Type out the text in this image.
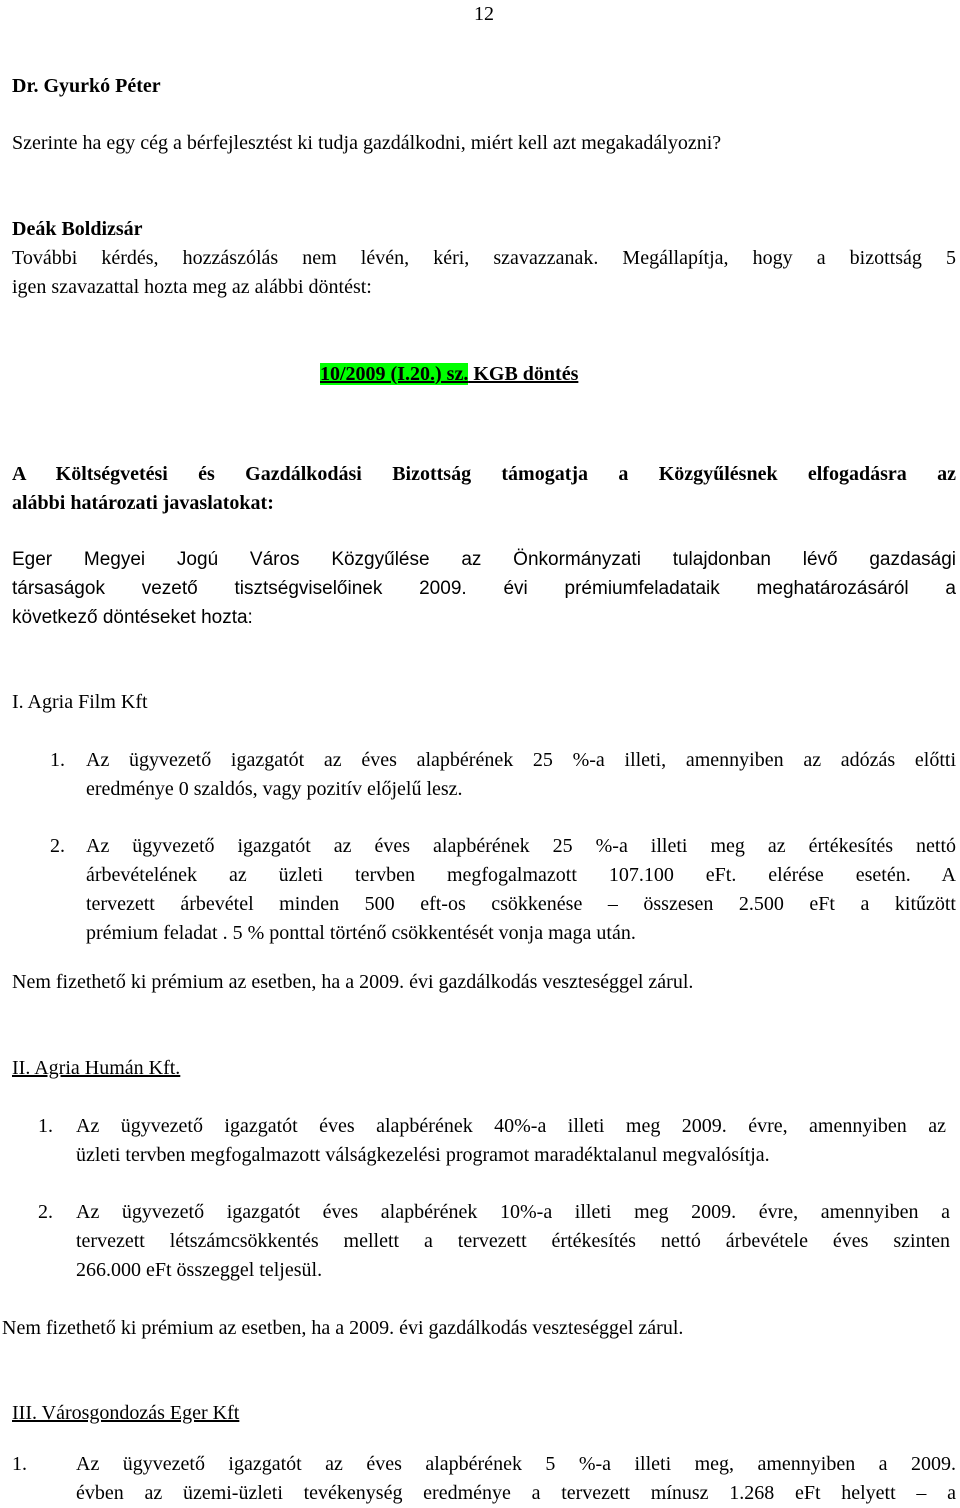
12
Dr. Gyurkó Péter
Szerinte ha egy cég a bérfejlesztést ki tudja gazdálkodni, miért kell azt megakadályozni?
Deák Boldizsár
További kérdés, hozzászólás nem lévén, kéri, szavazzanak. Megállapítja, hogy a bizottság 5
igen szavazattal hozta meg az alábbi döntést:
10/2009 (I.20.) sz. KGB döntés
A Költségvetési és Gazdálkodási Bizottság támogatja a Közgyűlésnek elfogadásra az
alábbi határozati javaslatokat:
Eger Megyei Jogú Város Közgyűlése az Önkormányzati tulajdonban lévő gazdasági
társaságok vezető tisztségviselőinek 2009. évi prémiumfeladataik meghatározásáról a
következő döntéseket hozta:
I. Agria Film Kft
1. Az ügyvezető igazgatót az éves alapbérének 25 %-a illeti, amennyiben az adózás előtti
eredménye 0 szaldós, vagy pozitív előjelű lesz.
2. Az ügyvezető igazgatót az éves alapbérének 25 %-a illeti meg az értékesítés nettó
árbevételének az üzleti tervben megfogalmazott 107.100 eFt. elérése esetén. A
tervezett árbevétel minden 500 eft-os csökkenése – összesen 2.500 eFt a kitűzött
prémium feladat . 5 % ponttal történő csökkentését vonja maga után.
Nem fizethető ki prémium az esetben, ha a 2009. évi gazdálkodás veszteséggel zárul.
II. Agria Humán Kft.
1. Az ügyvezető igazgatót éves alapbérének 40%-a illeti meg 2009. évre, amennyiben az
üzleti tervben megfogalmazott válságkezelési programot maradéktalanul megvalósítja.
2. Az ügyvezető igazgatót éves alapbérének 10%-a illeti meg 2009. évre, amennyiben a
tervezett létszámcsökkentés mellett a tervezett értékesítés nettó árbevétele éves szinten
266.000 eFt összeggel teljesül.
Nem fizethető ki prémium az esetben, ha a 2009. évi gazdálkodás veszteséggel zárul.
III. Városgondozás Eger Kft
1. Az ügyvezető igazgatót az éves alapbérének 5 %-a illeti meg, amennyiben a 2009.
évben az üzemi-üzleti tevékenység eredménye a tervezett mínusz 1.268 eFt helyett – a
